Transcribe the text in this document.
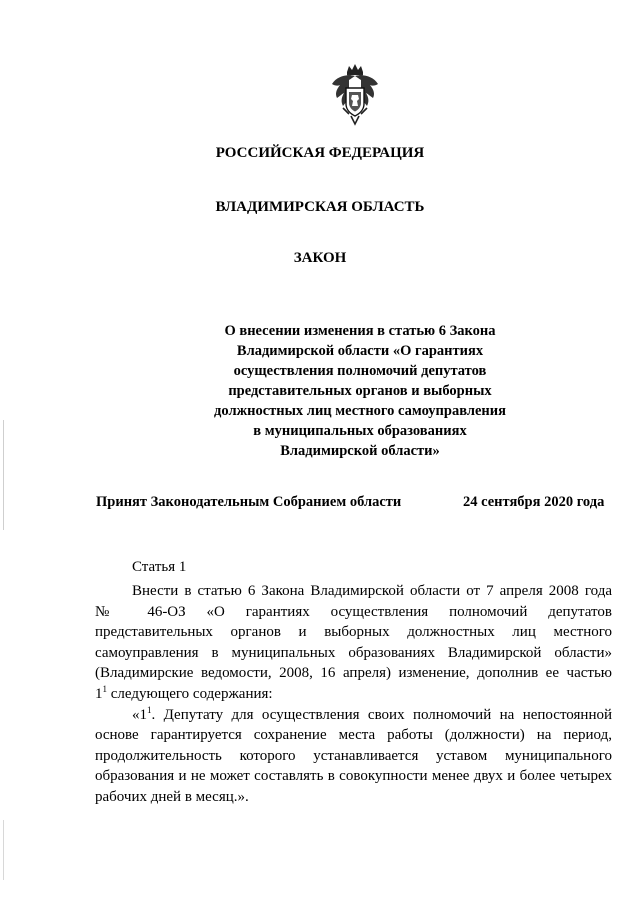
РОССИЙСКАЯ ФЕДЕРАЦИЯ
ВЛАДИМИРСКАЯ ОБЛАСТЬ
ЗАКОН
О внесении изменения в статью 6 Закона
Владимирской области «О гарантиях
осуществления полномочий депутатов
представительных органов и выборных
должностных лиц местного самоуправления
в муниципальных образованиях
Владимирской области»
Принят Законодательным Собранием области	24 сентября 2020 года
Статья 1
Внести в статью 6 Закона Владимирской области от 7 апреля 2008 года
№ 46-ОЗ «О гарантиях осуществления полномочий депутатов
представительных органов и выборных должностных лиц местного
самоуправления в муниципальных образованиях Владимирской области»
(Владимирские ведомости, 2008, 16 апреля) изменение, дополнив ее частью
$1^1$ следующего содержания:
«$1^1$. Депутату для осуществления своих полномочий на непостоянной
основе гарантируется сохранение места работы (должности) на период,
продолжительность которого устанавливается уставом муниципального
образования и не может составлять в совокупности менее двух и более четырех
рабочих дней в месяц.».
